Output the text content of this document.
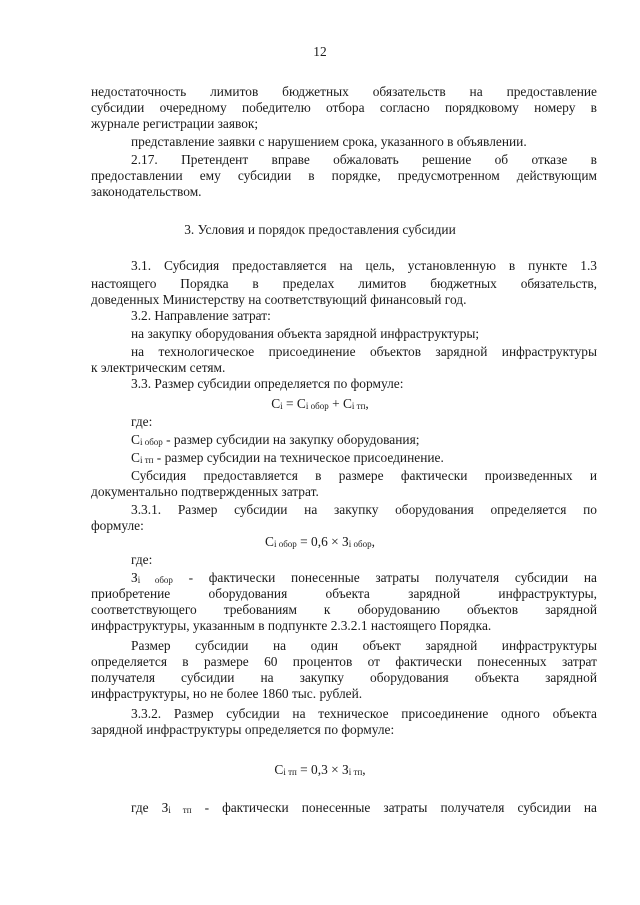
12
недостаточность лимитов бюджетных обязательств на предоставление
субсидии очередному победителю отбора согласно порядковому номеру в
журнале регистрации заявок;
представление заявки с нарушением срока, указанного в объявлении.
2.17. Претендент вправе обжаловать решение об отказе в
предоставлении ему субсидии в порядке, предусмотренном действующим
законодательством.
3. Условия и порядок предоставления субсидии
3.1. Субсидия предоставляется на цель, установленную в пункте 1.3
настоящего Порядка в пределах лимитов бюджетных обязательств,
доведенных Министерству на соответствующий финансовый год.
3.2. Направление затрат:
на закупку оборудования объекта зарядной инфраструктуры;
на технологическое присоединение объектов зарядной инфраструктуры
к электрическим сетям.
3.3. Размер субсидии определяется по формуле:
$C_i = C_{i обор} + C_{i тп}$,
где:
$C_{i обор}$ - размер субсидии на закупку оборудования;
$C_{i тп}$ - размер субсидии на техническое присоединение.
Субсидия предоставляется в размере фактически произведенных и
документально подтвержденных затрат.
3.3.1. Размер субсидии на закупку оборудования определяется по
формуле:
$C_{i обор} = 0,6 \times З_{i обор}$,
где:
$З_{i обор}$ - фактически понесенные затраты получателя субсидии на
приобретение оборудования объекта зарядной инфраструктуры,
соответствующего требованиям к оборудованию объектов зарядной
инфраструктуры, указанным в подпункте 2.3.2.1 настоящего Порядка.
Размер субсидии на один объект зарядной инфраструктуры
определяется в размере 60 процентов от фактически понесенных затрат
получателя субсидии на закупку оборудования объекта зарядной
инфраструктуры, но не более 1860 тыс. рублей.
3.3.2. Размер субсидии на техническое присоединение одного объекта
зарядной инфраструктуры определяется по формуле:
$C_{i тп} = 0,3 \times З_{i тп}$,
где $З_{i тп}$ - фактически понесенные затраты получателя субсидии на
